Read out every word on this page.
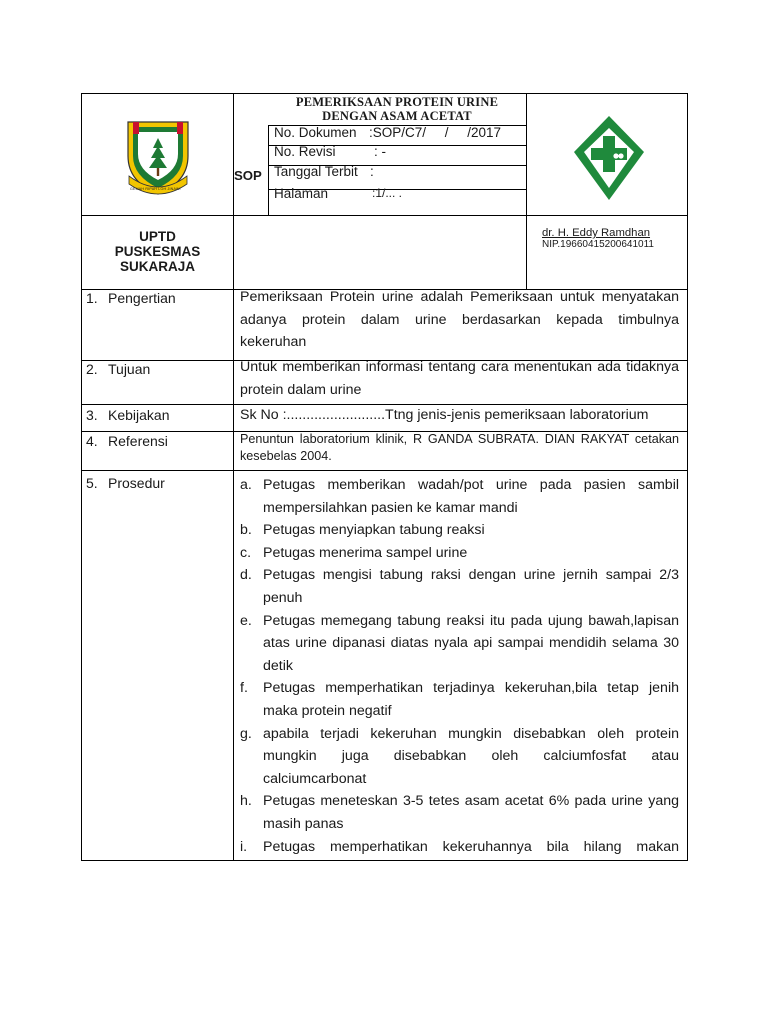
GEMAH RIPAH LOH JINAWI
PEMERIKSAAN PROTEIN URINE
DENGAN ASAM ACETAT
SOP
No. Dokumen :SOP/C7/     /     /2017
No. Revisi	: -
Tanggal Terbit :
Halaman	:1/... .
UPTD
PUSKESMAS
SUKARAJA
dr. H. Eddy Ramdhan
NIP.19660415200641011
1. Pengertian	Pemeriksaan Protein urine adalah Pemeriksaan untuk menyatakan adanya protein dalam urine berdasarkan kepada timbulnya kekeruhan
2. Tujuan	Untuk memberikan informasi tentang cara menentukan ada tidaknya protein dalam urine
3. Kebijakan	Sk No :.........................Ttng jenis-jenis pemeriksaan laboratorium
4. Referensi	Penuntun laboratorium klinik, R GANDA SUBRATA. DIAN RAKYAT cetakan kesebelas 2004.
5. Prosedur	a. Petugas memberikan wadah/pot urine pada pasien sambil mempersilahkan pasien ke kamar mandi
b. Petugas menyiapkan tabung reaksi
c. Petugas menerima sampel urine
d. Petugas mengisi tabung raksi dengan urine jernih sampai 2/3 penuh
e. Petugas memegang tabung reaksi itu pada ujung bawah,lapisan atas urine dipanasi diatas nyala api sampai mendidih selama 30 detik
f.	Petugas memperhatikan terjadinya kekeruhan,bila tetap jenih maka protein negatif
g. apabila terjadi kekeruhan mungkin disebabkan oleh protein mungkin juga disebabkan oleh calciumfosfat atau calciumcarbonat
h. Petugas meneteskan 3-5 tetes asam acetat 6% pada urine yang masih panas
i.	Petugas memperhatikan kekeruhannya bila hilang makan
